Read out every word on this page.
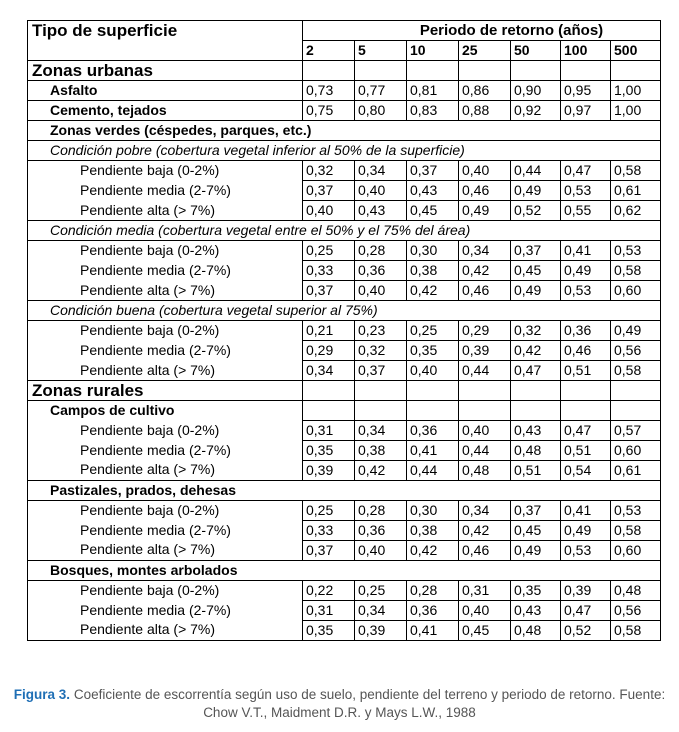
Tipo de superficie	Periodo de retorno (años)						
	2	5	10	25	50	100	500
Zonas urbanas							
Asfalto	0,73	0,77	0,81	0,86	0,90	0,95	1,00
Cemento, tejados	0,75	0,80	0,83	0,88	0,92	0,97	1,00
Zonas verdes (céspedes, parques, etc.)							
Condición pobre (cobertura vegetal inferior al 50% de la superficie)							
Pendiente baja (0-2%)	0,32	0,34	0,37	0,40	0,44	0,47	0,58
Pendiente media (2-7%)	0,37	0,40	0,43	0,46	0,49	0,53	0,61
Pendiente alta (> 7%)	0,40	0,43	0,45	0,49	0,52	0,55	0,62
Condición media (cobertura vegetal entre el 50% y el 75% del área)							
Pendiente baja (0-2%)	0,25	0,28	0,30	0,34	0,37	0,41	0,53
Pendiente media (2-7%)	0,33	0,36	0,38	0,42	0,45	0,49	0,58
Pendiente alta (> 7%)	0,37	0,40	0,42	0,46	0,49	0,53	0,60
Condición buena (cobertura vegetal superior al 75%)							
Pendiente baja (0-2%)	0,21	0,23	0,25	0,29	0,32	0,36	0,49
Pendiente media (2-7%)	0,29	0,32	0,35	0,39	0,42	0,46	0,56
Pendiente alta (> 7%)	0,34	0,37	0,40	0,44	0,47	0,51	0,58
Zonas rurales							
Campos de cultivo							
Pendiente baja (0-2%)	0,31	0,34	0,36	0,40	0,43	0,47	0,57
Pendiente media (2-7%)	0,35	0,38	0,41	0,44	0,48	0,51	0,60
Pendiente alta (> 7%)	0,39	0,42	0,44	0,48	0,51	0,54	0,61
Pastizales, prados, dehesas							
Pendiente baja (0-2%)	0,25	0,28	0,30	0,34	0,37	0,41	0,53
Pendiente media (2-7%)	0,33	0,36	0,38	0,42	0,45	0,49	0,58
Pendiente alta (> 7%)	0,37	0,40	0,42	0,46	0,49	0,53	0,60
Bosques, montes arbolados							
Pendiente baja (0-2%)	0,22	0,25	0,28	0,31	0,35	0,39	0,48
Pendiente media (2-7%)	0,31	0,34	0,36	0,40	0,43	0,47	0,56
Pendiente alta (> 7%)	0,35	0,39	0,41	0,45	0,48	0,52	0,58
Figura 3. Coeficiente de escorrentía según uso de suelo, pendiente del terreno y periodo de retorno. Fuente: Chow V.T., Maidment D.R. y Mays L.W., 1988
